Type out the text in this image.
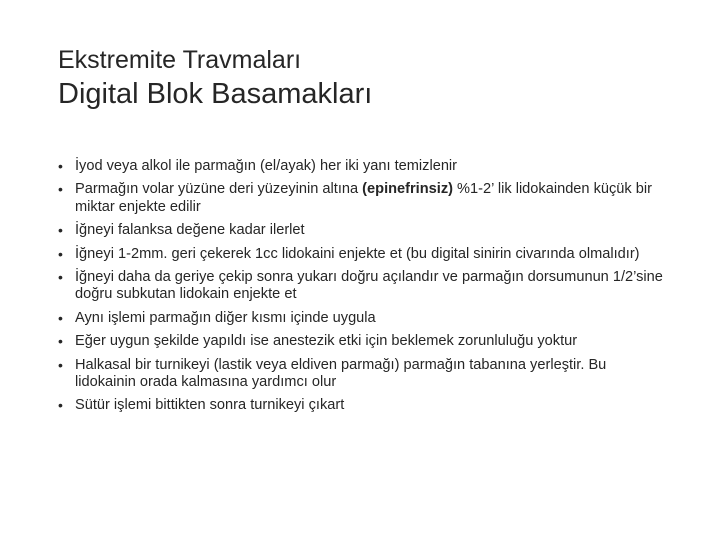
Ekstremite Travmaları
Digital Blok Basamakları
• İyod veya alkol ile parmağın (el/ayak) her iki yanı temizlenir
• Parmağın volar yüzüne deri yüzeyinin altına (epinefrinsiz) %1-2’ lik lidokainden küçük bir miktar enjekte edilir
• İğneyi falanksa değene kadar ilerlet
• İğneyi 1-2mm. geri çekerek 1cc lidokaini enjekte et (bu digital sinirin civarında olmalıdır)
• İğneyi daha da geriye çekip sonra yukarı doğru açılandır ve parmağın dorsumunun 1/2’sine doğru subkutan lidokain enjekte et
• Aynı işlemi parmağın diğer kısmı içinde uygula
• Eğer uygun şekilde yapıldı ise anestezik etki için beklemek zorunluluğu yoktur
• Halkasal bir turnikeyi (lastik veya eldiven parmağı) parmağın tabanına yerleştir. Bu lidokainin orada kalmasına yardımcı olur
• Sütür işlemi bittikten sonra turnikeyi çıkart
